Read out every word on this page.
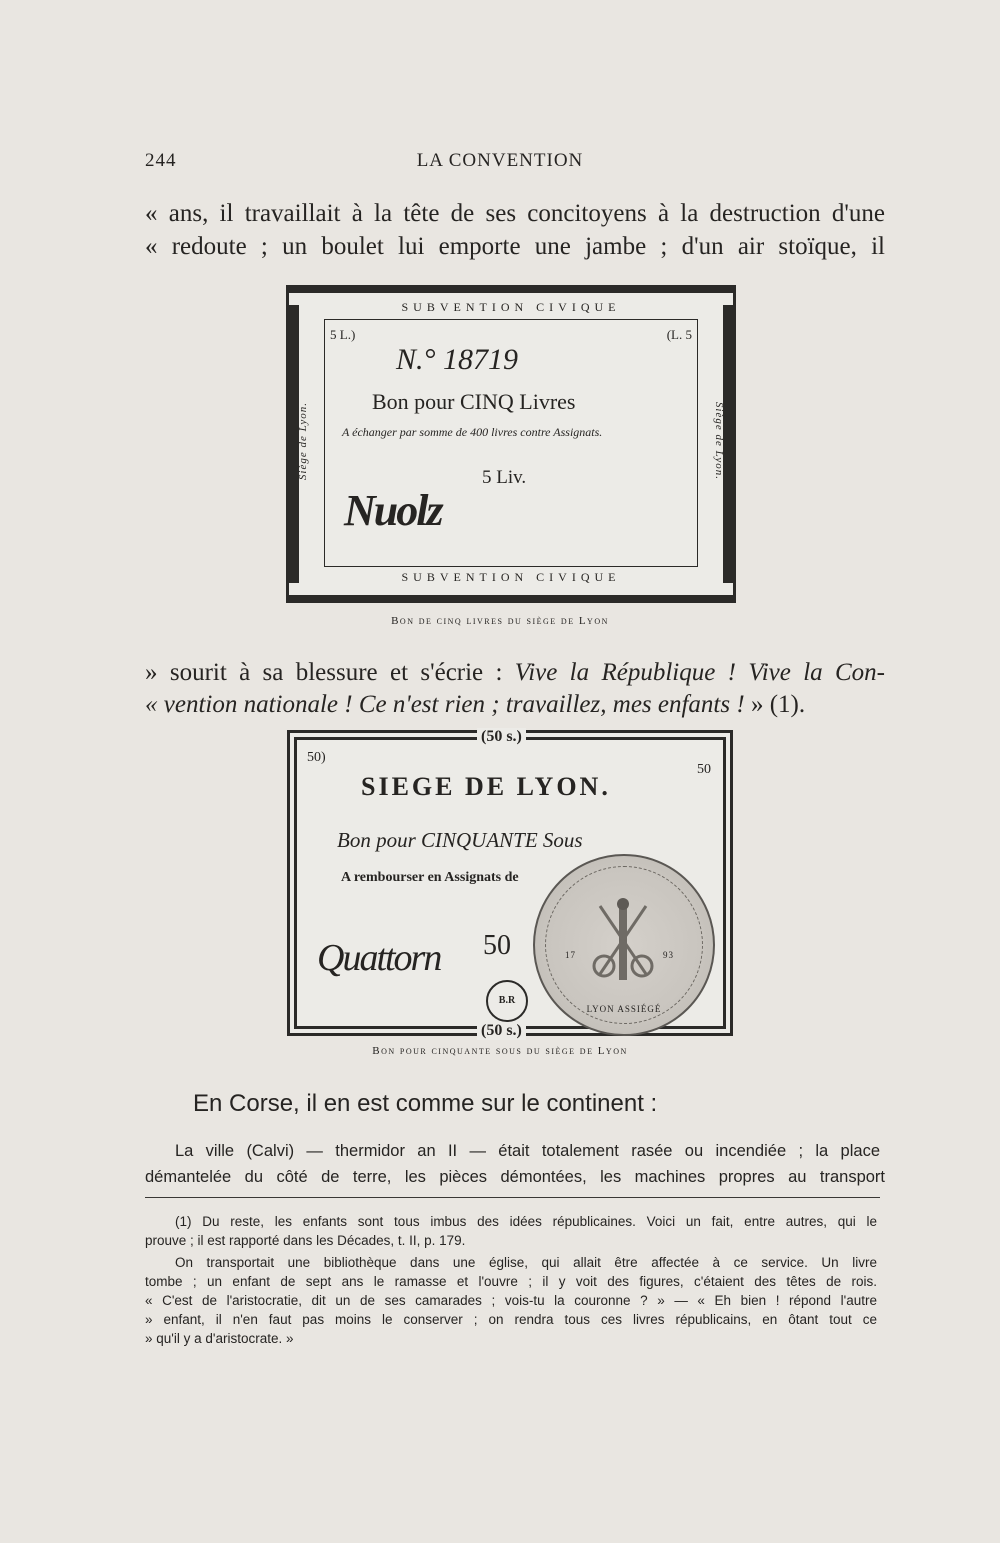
244	LA CONVENTION
« ans, il travaillait à la tête de ses concitoyens à la destruction d'une
« redoute ; un boulet lui emporte une jambe ; d'un air stoïque, il
SUBVENTION CIVIQUE
5 L.)	(L. 5
N.° 18719
Bon pour CINQ Livres
A échanger par somme de 400 livres contre Assignats.
5 Liv.
Nuolz
Siège de Lyon.	Siège de Lyon.
SUBVENTION CIVIQUE
Bon de cinq livres du siège de Lyon
» sourit à sa blessure et s'écrie : Vive la République ! Vive la Con-
« vention nationale ! Ce n'est rien ; travaillez, mes enfants ! » (1).
(50 s.)
50)
50
SIEGE DE LYON.
Bon pour CINQUANTE Sous
A rembourser en Assignats de
50
Quattorn
B.R
17	93
LYON ASSIÉGÉ
(50 s.)
Bon pour cinquante sous du siège de Lyon
En Corse, il en est comme sur le continent :
La ville (Calvi) — thermidor an II — était totalement rasée ou incendiée ; la place
démantelée du côté de terre, les pièces démontées, les machines propres au transport
(1) Du reste, les enfants sont tous imbus des idées républicaines. Voici un fait, entre autres, qui le
prouve ; il est rapporté dans les Décades, t. II, p. 179.
On transportait une bibliothèque dans une église, qui allait être affectée à ce service. Un livre
tombe ; un enfant de sept ans le ramasse et l'ouvre ; il y voit des figures, c'étaient des têtes de rois.
« C'est de l'aristocratie, dit un de ses camarades ; vois-tu la couronne ? » — « Eh bien ! répond l'autre
» enfant, il n'en faut pas moins le conserver ; on rendra tous ces livres républicains, en ôtant tout ce
» qu'il y a d'aristocrate. »
